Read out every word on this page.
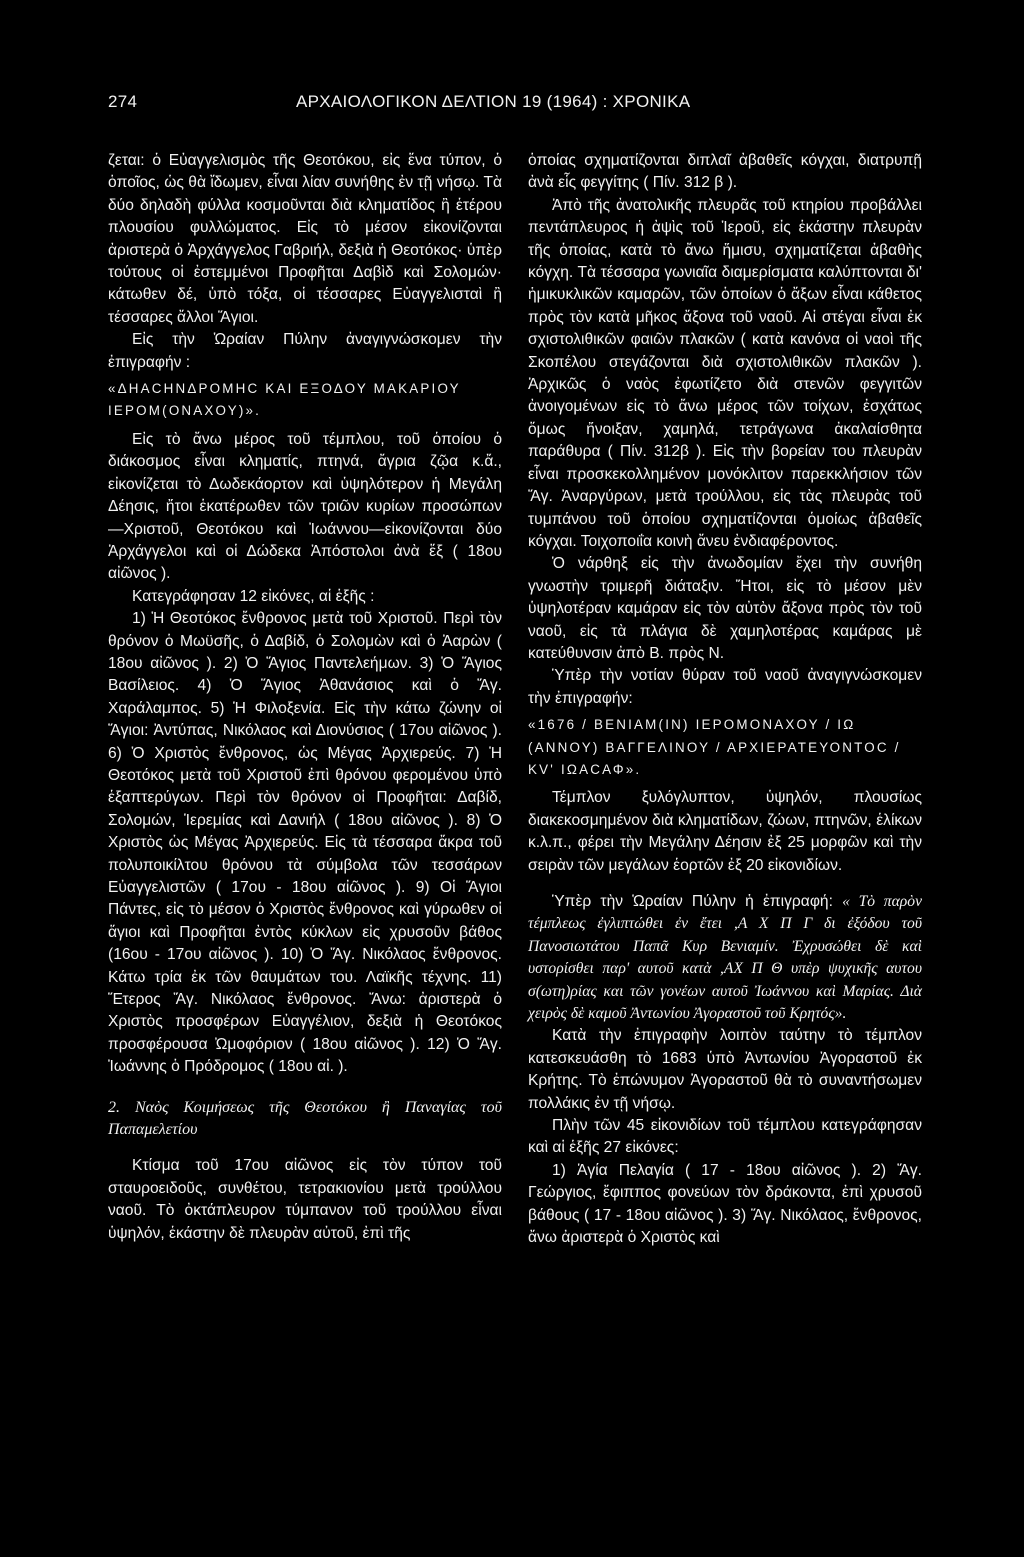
274	ΑΡΧΑΙΟΛΟΓΙΚΟΝ ΔΕΛΤΙΟΝ 19 (1964) : ΧΡΟΝΙΚΑ

ζεται: ὁ Εὐαγγελισμὸς τῆς Θεοτόκου, εἰς ἕνα τύπον, ὁ ὁποῖος, ὡς θὰ ἴδωμεν, εἶναι λίαν συνήθης ἐν τῇ νήσῳ. Τὰ δύο δηλαδὴ φύλλα κοσμοῦνται διὰ κληματίδος ἢ ἑτέρου πλουσίου φυλλώματος. Εἰς τὸ μέσον εἰκονίζονται ἀριστερὰ ὁ Ἀρχάγγελος Γαβριήλ, δεξιὰ ἡ Θεοτόκος· ὑπὲρ τούτους οἱ ἐστεμμένοι Προφῆται Δαβὶδ καὶ Σολομών· κάτωθεν δέ, ὑπὸ τόξα, οἱ τέσσαρες Εὐαγγελισταὶ ἢ τέσσαρες ἄλλοι Ἅγιοι.

Εἰς τὴν Ὡραίαν Πύλην ἀναγιγνώσκομεν τὴν ἐπιγραφήν :

«ΔΗΑCΗΝΔΡΟΜΗC ΚΑΙ ΕΞΟΔΟΥ ΜΑΚΑΡΙΟΥ ΙΕΡΟΜ(ΟΝΑΧΟΥ)».

Εἰς τὸ ἄνω μέρος τοῦ τέμπλου, τοῦ ὁποίου ὁ διάκοσμος εἶναι κληματίς, πτηνά, ἄγρια ζῷα κ.ἄ., εἰκονίζεται τὸ Δωδεκάορτον καὶ ὑψηλότερον ἡ Μεγάλη Δέησις, ἤτοι ἑκατέρωθεν τῶν τριῶν κυρίων προσώπων—Χριστοῦ, Θεοτόκου καὶ Ἰωάννου—εἰκονίζονται δύο Ἀρχάγγελοι καὶ οἱ Δώδεκα Ἀπόστολοι ἀνὰ ἕξ ( 18ου αἰῶνος ).

Κατεγράφησαν 12 εἰκόνες, αἱ ἑξῆς :

1) Ἡ Θεοτόκος ἔνθρονος μετὰ τοῦ Χριστοῦ. Περὶ τὸν θρόνον ὁ Μωϋσῆς, ὁ Δαβίδ, ὁ Σολομὼν καὶ ὁ Ἀαρὼν ( 18ου αἰῶνος ). 2) Ὁ Ἅγιος Παντελεήμων. 3) Ὁ Ἅγιος Βασίλειος. 4) Ὁ Ἅγιος Ἀθανάσιος καὶ ὁ Ἅγ. Χαράλαμπος. 5) Ἡ Φιλοξενία. Εἰς τὴν κάτω ζώνην οἱ Ἅγιοι: Ἀντύπας, Νικόλαος καὶ Διονύσιος ( 17ου αἰῶνος ). 6) Ὁ Χριστὸς ἔνθρονος, ὡς Μέγας Ἀρχιερεύς. 7) Ἡ Θεοτόκος μετὰ τοῦ Χριστοῦ ἐπὶ θρόνου φερομένου ὑπὸ ἑξαπτερύγων. Περὶ τὸν θρόνον οἱ Προφῆται: Δαβίδ, Σολομών, Ἱερεμίας καὶ Δανιήλ ( 18ου αἰῶνος ). 8) Ὁ Χριστὸς ὡς Μέγας Ἀρχιερεύς. Εἰς τὰ τέσσαρα ἄκρα τοῦ πολυποικίλτου θρόνου τὰ σύμβολα τῶν τεσσάρων Εὐαγγελιστῶν ( 17ου - 18ου αἰῶνος ). 9) Οἱ Ἅγιοι Πάντες, εἰς τὸ μέσον ὁ Χριστὸς ἔνθρονος καὶ γύρωθεν οἱ ἅγιοι καὶ Προφῆται ἐντὸς κύκλων εἰς χρυσοῦν βάθος (16ου - 17ου αἰῶνος ). 10) Ὁ Ἅγ. Νικόλαος ἔνθρονος. Κάτω τρία ἐκ τῶν θαυμάτων του. Λαϊκῆς τέχνης. 11) Ἕτερος Ἅγ. Νικόλαος ἔνθρονος. Ἄνω: ἀριστερὰ ὁ Χριστὸς προσφέρων Εὐαγγέλιον, δεξιὰ ἡ Θεοτόκος προσφέρουσα Ὠμοφόριον ( 18ου αἰῶνος ). 12) Ὁ Ἅγ. Ἰωάννης ὁ Πρόδρομος ( 18ου αἰ. ).

2. Ναὸς Κοιμήσεως τῆς Θεοτόκου ἢ Παναγίας τοῦ Παπαμελετίου

Κτίσμα τοῦ 17ου αἰῶνος εἰς τὸν τύπον τοῦ σταυροειδοῦς, συνθέτου, τετρακιονίου μετὰ τρούλλου ναοῦ. Τὸ ὀκτάπλευρον τύμπανον τοῦ τρούλλου εἶναι ὑψηλόν, ἑκάστην δὲ πλευρὰν αὐτοῦ, ἐπὶ τῆς

ὁποίας σχηματίζονται διπλαῖ ἀβαθεῖς κόγχαι, διατρυπῇ ἀνὰ εἷς φεγγίτης ( Πίν. 312 β ).

Ἀπὸ τῆς ἀνατολικῆς πλευρᾶς τοῦ κτηρίου προβάλλει πεντάπλευρος ἡ ἀψὶς τοῦ Ἱεροῦ, εἰς ἑκάστην πλευρὰν τῆς ὁποίας, κατὰ τὸ ἄνω ἥμισυ, σχηματίζεται ἀβαθὴς κόγχη. Τὰ τέσσαρα γωνιαῖα διαμερίσματα καλύπτονται δι' ἡμικυκλικῶν καμαρῶν, τῶν ὁποίων ὁ ἄξων εἶναι κάθετος πρὸς τὸν κατὰ μῆκος ἄξονα τοῦ ναοῦ. Αἱ στέγαι εἶναι ἐκ σχιστολιθικῶν φαιῶν πλακῶν ( κατὰ κανόνα οἱ ναοὶ τῆς Σκοπέλου στεγάζονται διὰ σχιστολιθικῶν πλακῶν ). Ἀρχικῶς ὁ ναὸς ἐφωτίζετο διὰ στενῶν φεγγιτῶν ἀνοιγομένων εἰς τὸ ἄνω μέρος τῶν τοίχων, ἐσχάτως ὅμως ἤνοιξαν, χαμηλά, τετράγωνα ἀκαλαίσθητα παράθυρα ( Πίν. 312β ). Εἰς τὴν βορείαν του πλευρὰν εἶναι προσκεκολλημένον μονόκλιτον παρεκκλήσιον τῶν Ἅγ. Ἀναργύρων, μετὰ τρούλλου, εἰς τὰς πλευρὰς τοῦ τυμπάνου τοῦ ὁποίου σχηματίζονται ὁμοίως ἀβαθεῖς κόγχαι. Τοιχοποιΐα κοινὴ ἄνευ ἐνδιαφέροντος.

Ὁ νάρθηξ εἰς τὴν ἀνωδομίαν ἔχει τὴν συνήθη γνωστὴν τριμερῆ διάταξιν. Ἤτοι, εἰς τὸ μέσον μὲν ὑψηλοτέραν καμάραν εἰς τὸν αὐτὸν ἄξονα πρὸς τὸν τοῦ ναοῦ, εἰς τὰ πλάγια δὲ χαμηλοτέρας καμάρας μὲ κατεύθυνσιν ἀπὸ Β. πρὸς Ν.

Ὑπὲρ τὴν νοτίαν θύραν τοῦ ναοῦ ἀναγιγνώσκομεν τὴν ἐπιγραφήν:

«1676 / ΒΕΝΙΑΜ(ΙΝ) ΙΕΡΟΜΟΝΑΧΟΥ / ΙΩ (ΑΝΝΟΥ) ΒΑΓΓΕΛΙΝΟΥ / ΑΡΧΙΕΡΑΤΕΥΟΝΤΟC / ΚV' ΙΩΑCΑΦ».

Τέμπλον ξυλόγλυπτον, ὑψηλόν, πλουσίως διακεκοσμημένον διὰ κληματίδων, ζώων, πτηνῶν, ἑλίκων κ.λ.π., φέρει τὴν Μεγάλην Δέησιν ἐξ 25 μορφῶν καὶ τὴν σειρὰν τῶν μεγάλων ἑορτῶν ἐξ 20 εἰκονιδίων.

Ὑπὲρ τὴν Ὡραίαν Πύλην ἡ ἐπιγραφή: « Τὸ παρὸν τέμπλεως ἐγλιπτώθει ἐν ἔτει ,Α Χ Π Γ δι ἐξόδου τοῦ Πανοσιωτάτου Παπᾶ Κυρ Βενιαμίν. Ἐχρυσώθει δὲ καὶ υστορίσθει παρ' αυτοῦ κατὰ ,ΑΧ Π Θ υπὲρ ψυχικῆς αυτου σ(ωτη)ρίας και τῶν γονέων αυτοῦ Ἰωάννου καὶ Μαρίας. Διὰ χειρὸς δὲ καμοῦ Ἀντωνίου Ἀγοραστοῦ τοῦ Κρητός».

Κατὰ τὴν ἐπιγραφὴν λοιπὸν ταύτην τὸ τέμπλον κατεσκευάσθη τὸ 1683 ὑπὸ Ἀντωνίου Ἀγοραστοῦ ἐκ Κρήτης. Τὸ ἐπώνυμον Ἀγοραστοῦ θὰ τὸ συναντήσωμεν πολλάκις ἐν τῇ νήσῳ.

Πλὴν τῶν 45 εἰκονιδίων τοῦ τέμπλου κατεγράφησαν καὶ αἱ ἑξῆς 27 εἰκόνες:

1) Ἁγία Πελαγία ( 17 - 18ου αἰῶνος ). 2) Ἅγ. Γεώργιος, ἔφιππος φονεύων τὸν δράκοντα, ἐπὶ χρυσοῦ βάθους ( 17 - 18ου αἰῶνος ). 3) Ἅγ. Νικόλαος, ἔνθρονος, ἄνω ἀριστερὰ ὁ Χριστὸς καὶ
